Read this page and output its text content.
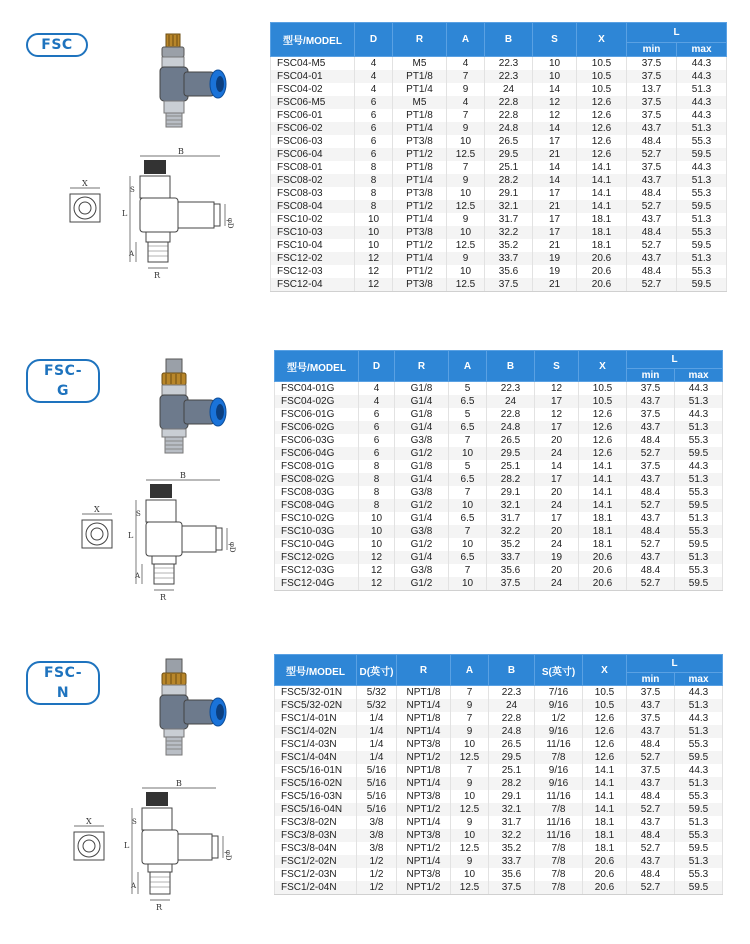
FSC
X
B
φD
R
L
A
S
型号/MODEL	D	R	A	B	S	X	L	
							min	max
FSC04-M5	4	M5	4	22.3	10	10.5	37.5	44.3
FSC04-01	4	PT1/8	7	22.3	10	10.5	37.5	44.3
FSC04-02	4	PT1/4	9	24	14	10.5	13.7	51.3
FSC06-M5	6	M5	4	22.8	12	12.6	37.5	44.3
FSC06-01	6	PT1/8	7	22.8	12	12.6	37.5	44.3
FSC06-02	6	PT1/4	9	24.8	14	12.6	43.7	51.3
FSC06-03	6	PT3/8	10	26.5	17	12.6	48.4	55.3
FSC06-04	6	PT1/2	12.5	29.5	21	12.6	52.7	59.5
FSC08-01	8	PT1/8	7	25.1	14	14.1	37.5	44.3
FSC08-02	8	PT1/4	9	28.2	14	14.1	43.7	51.3
FSC08-03	8	PT3/8	10	29.1	17	14.1	48.4	55.3
FSC08-04	8	PT1/2	12.5	32.1	21	14.1	52.7	59.5
FSC10-02	10	PT1/4	9	31.7	17	18.1	43.7	51.3
FSC10-03	10	PT3/8	10	32.2	17	18.1	48.4	55.3
FSC10-04	10	PT1/2	12.5	35.2	21	18.1	52.7	59.5
FSC12-02	12	PT1/4	9	33.7	19	20.6	43.7	51.3
FSC12-03	12	PT1/2	10	35.6	19	20.6	48.4	55.3
FSC12-04	12	PT3/8	12.5	37.5	21	20.6	52.7	59.5
FSC-G
X
B
φD
R
L
A
S
型号/MODEL	D	R	A	B	S	X	L	
							min	max
FSC04-01G	4	G1/8	5	22.3	12	10.5	37.5	44.3
FSC04-02G	4	G1/4	6.5	24	17	10.5	43.7	51.3
FSC06-01G	6	G1/8	5	22.8	12	12.6	37.5	44.3
FSC06-02G	6	G1/4	6.5	24.8	17	12.6	43.7	51.3
FSC06-03G	6	G3/8	7	26.5	20	12.6	48.4	55.3
FSC06-04G	6	G1/2	10	29.5	24	12.6	52.7	59.5
FSC08-01G	8	G1/8	5	25.1	14	14.1	37.5	44.3
FSC08-02G	8	G1/4	6.5	28.2	17	14.1	43.7	51.3
FSC08-03G	8	G3/8	7	29.1	20	14.1	48.4	55.3
FSC08-04G	8	G1/2	10	32.1	24	14.1	52.7	59.5
FSC10-02G	10	G1/4	6.5	31.7	17	18.1	43.7	51.3
FSC10-03G	10	G3/8	7	32.2	20	18.1	48.4	55.3
FSC10-04G	10	G1/2	10	35.2	24	18.1	52.7	59.5
FSC12-02G	12	G1/4	6.5	33.7	19	20.6	43.7	51.3
FSC12-03G	12	G3/8	7	35.6	20	20.6	48.4	55.3
FSC12-04G	12	G1/2	10	37.5	24	20.6	52.7	59.5
FSC-N
X
B
φD
R
L
A
S
型号/MODEL	D(英寸)	R	A	B	S(英寸)	X	L	
							min	max
FSC5/32-01N	5/32	NPT1/8	7	22.3	7/16	10.5	37.5	44.3
FSC5/32-02N	5/32	NPT1/4	9	24	9/16	10.5	43.7	51.3
FSC1/4-01N	1/4	NPT1/8	7	22.8	1/2	12.6	37.5	44.3
FSC1/4-02N	1/4	NPT1/4	9	24.8	9/16	12.6	43.7	51.3
FSC1/4-03N	1/4	NPT3/8	10	26.5	11/16	12.6	48.4	55.3
FSC1/4-04N	1/4	NPT1/2	12.5	29.5	7/8	12.6	52.7	59.5
FSC5/16-01N	5/16	NPT1/8	7	25.1	9/16	14.1	37.5	44.3
FSC5/16-02N	5/16	NPT1/4	9	28.2	9/16	14.1	43.7	51.3
FSC5/16-03N	5/16	NPT3/8	10	29.1	11/16	14.1	48.4	55.3
FSC5/16-04N	5/16	NPT1/2	12.5	32.1	7/8	14.1	52.7	59.5
FSC3/8-02N	3/8	NPT1/4	9	31.7	11/16	18.1	43.7	51.3
FSC3/8-03N	3/8	NPT3/8	10	32.2	11/16	18.1	48.4	55.3
FSC3/8-04N	3/8	NPT1/2	12.5	35.2	7/8	18.1	52.7	59.5
FSC1/2-02N	1/2	NPT1/4	9	33.7	7/8	20.6	43.7	51.3
FSC1/2-03N	1/2	NPT3/8	10	35.6	7/8	20.6	48.4	55.3
FSC1/2-04N	1/2	NPT1/2	12.5	37.5	7/8	20.6	52.7	59.5
